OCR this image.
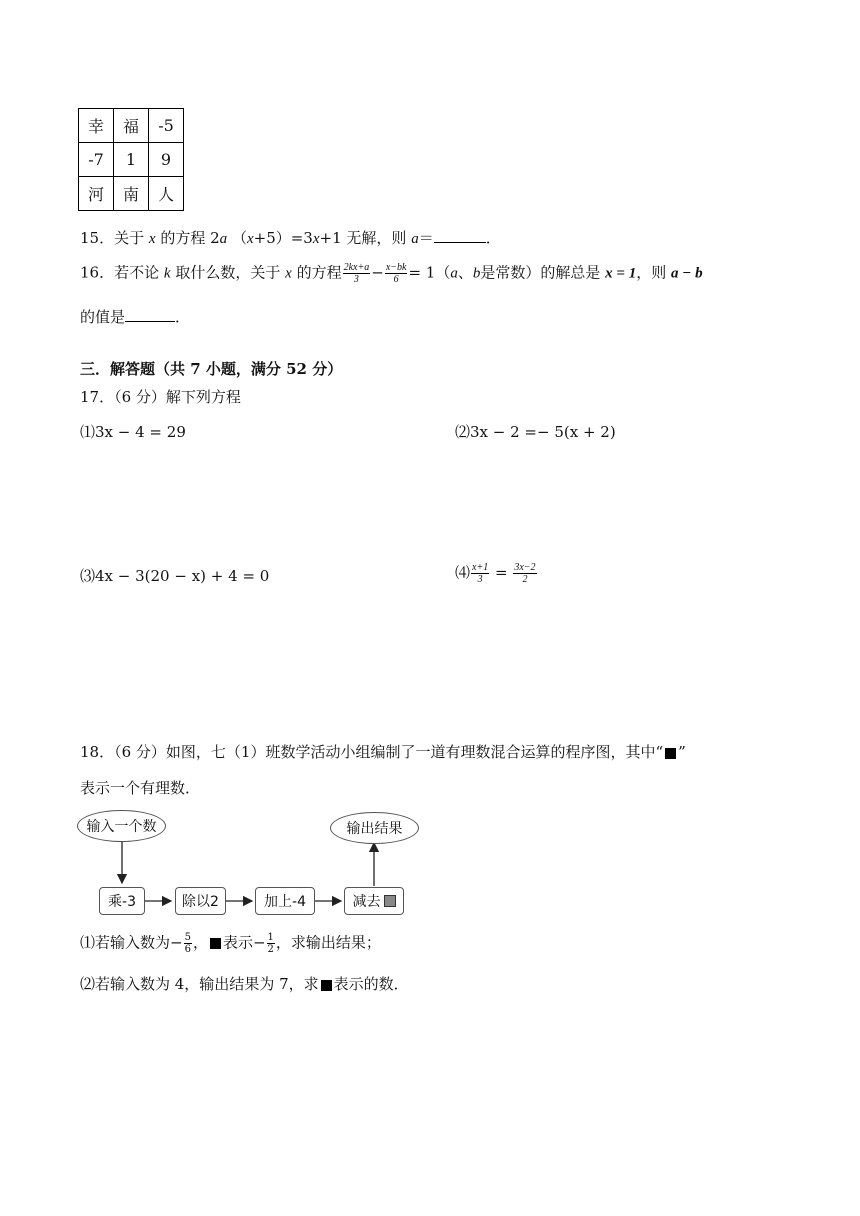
幸	福	-5
-7	1	9
河	南	人
15．关于 x 的方程 2a （x+5）=3x+1 无解，则 a＝	．
16．若不论 k 取什么数，关于 x 的方程 $\frac{2kx+a}{3} - \frac{x-bk}{6} = 1(a$、b是常数）的解总是 x = 1，则 a − b
的值是	．
三．解答题（共 7 小题，满分 52 分）
17．（6 分）解下列方程
⑴3x − 4 = 29	⑵3x − 2 =− 5(x + 2)
⑶4x − 3(20 − x) + 4 = 0	⑷ $\frac{x+1}{3} = \frac{3x-2}{2}$
18．（6 分）如图，七（1）班数学活动小组编制了一道有理数混合运算的程序图，其中“ ”
表示一个有理数．
输入一个数	输出结果
乘-3	除以2	加上-4	减去
⑴若输入数为− $\frac{5}{6}$ ， 表示− $\frac{1}{2}$ ，求输出结果；
⑵若输入数为 4，输出结果为 7，求 表示的数．
